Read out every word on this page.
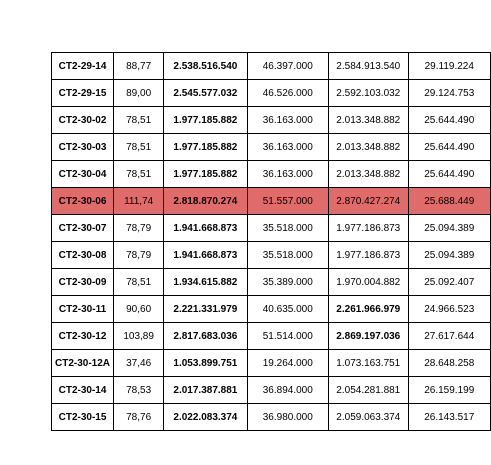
CT2-29-14	88,77	2.538.516.540	46.397.000	2.584.913.540	29.119.224
CT2-29-15	89,00	2.545.577.032	46.526.000	2.592.103.032	29.124.753
CT2-30-02	78,51	1.977.185.882	36.163.000	2.013.348.882	25.644.490
CT2-30-03	78,51	1.977.185.882	36.163.000	2.013.348.882	25.644.490
CT2-30-04	78,51	1.977.185.882	36.163.000	2.013.348.882	25.644.490
CT2-30-06	111,74	2.818.870.274	51.557.000	2.870.427.274	25.688.449
CT2-30-07	78,79	1.941.668.873	35.518.000	1.977.186.873	25.094.389
CT2-30-08	78,79	1.941.668.873	35.518.000	1.977.186.873	25.094.389
CT2-30-09	78,51	1.934.615.882	35.389.000	1.970.004.882	25.092.407
CT2-30-11	90,60	2.221.331.979	40.635.000	2.261.966.979	24.966.523
CT2-30-12	103,89	2.817.683.036	51.514.000	2.869.197.036	27.617.644
CT2-30-12A	37,46	1.053.899.751	19.264.000	1.073.163.751	28.648.258
CT2-30-14	78,53	2.017.387.881	36.894.000	2.054.281.881	26.159.199
CT2-30-15	78,76	2.022.083.374	36.980.000	2.059.063.374	26.143.517
